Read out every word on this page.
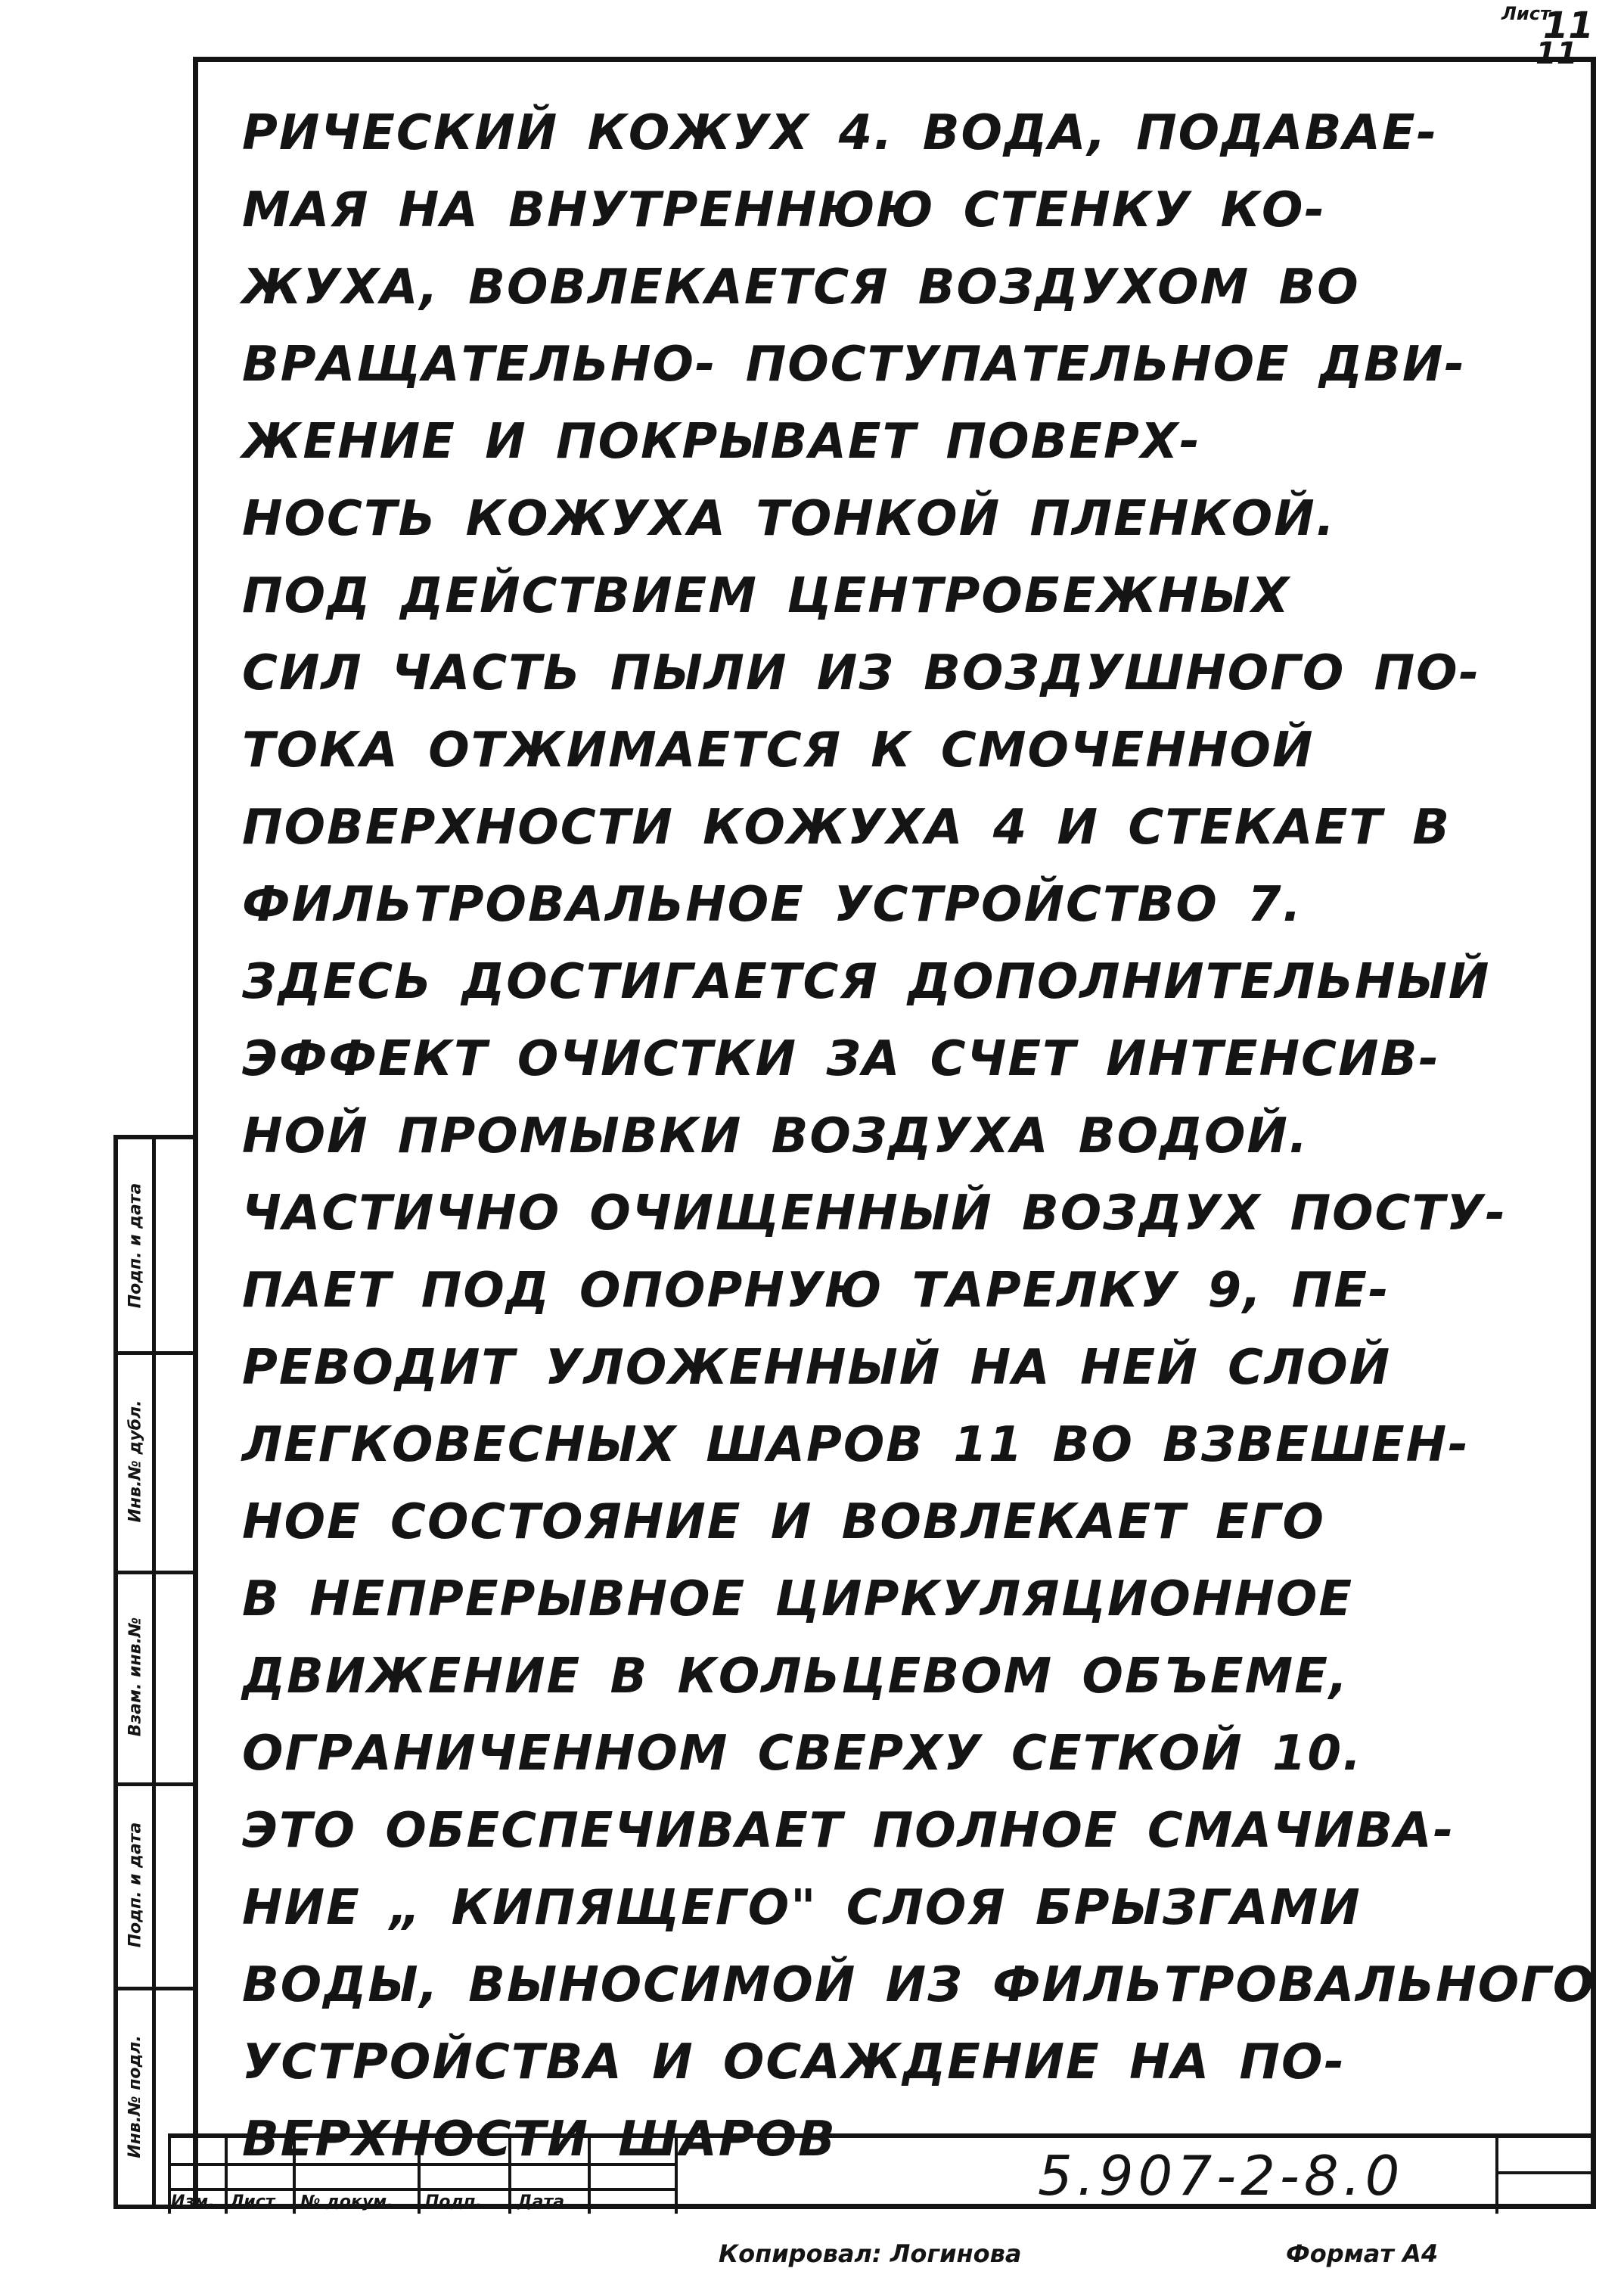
11
РИЧЕСКИЙ КОЖУХ 4. ВОДА, ПОДАВАЕ-
МАЯ НА ВНУТРЕННЮЮ СТЕНКУ КО-
ЖУХА, ВОВЛЕКАЕТСЯ ВОЗДУХОМ ВО
ВРАЩАТЕЛЬНО- ПОСТУПАТЕЛЬНОЕ ДВИ-
ЖЕНИЕ И ПОКРЫВАЕТ ПОВЕРХ-
НОСТЬ КОЖУХА ТОНКОЙ ПЛЕНКОЙ.
ПОД ДЕЙСТВИЕМ ЦЕНТРОБЕЖНЫХ
СИЛ ЧАСТЬ ПЫЛИ ИЗ ВОЗДУШНОГО ПО-
ТОКА ОТЖИМАЕТСЯ К СМОЧЕННОЙ
ПОВЕРХНОСТИ КОЖУХА 4 И СТЕКАЕТ В
ФИЛЬТРОВАЛЬНОЕ УСТРОЙСТВО 7.
ЗДЕСЬ ДОСТИГАЕТСЯ ДОПОЛНИТЕЛЬНЫЙ
ЭФФЕКТ ОЧИСТКИ ЗА СЧЕТ ИНТЕНСИВ-
НОЙ ПРОМЫВКИ ВОЗДУХА ВОДОЙ.
ЧАСТИЧНО ОЧИЩЕННЫЙ ВОЗДУХ ПОСТУ-
ПАЕТ ПОД ОПОРНУЮ ТАРЕЛКУ 9, ПЕ-
РЕВОДИТ УЛОЖЕННЫЙ НА НЕЙ СЛОЙ
ЛЕГКОВЕСНЫХ ШАРОВ 11 ВО ВЗВЕШЕН-
НОЕ СОСТОЯНИЕ И ВОВЛЕКАЕТ ЕГО
В НЕПРЕРЫВНОЕ ЦИРКУЛЯЦИОННОЕ
ДВИЖЕНИЕ В КОЛЬЦЕВОМ ОБЪЕМЕ,
ОГРАНИЧЕННОМ СВЕРХУ СЕТКОЙ 10.
ЭТО ОБЕСПЕЧИВАЕТ ПОЛНОЕ СМАЧИВА-
НИЕ „ КИПЯЩЕГО" СЛОЯ БРЫЗГАМИ
ВОДЫ, ВЫНОСИМОЙ ИЗ ФИЛЬТРОВАЛЬНОГО
УСТРОЙСТВА И ОСАЖДЕНИЕ НА ПО-
ВЕРХНОСТИ ШАРОВ
Подп. и дата
Инв.№ дубл.
Взам. инв.№
Подп. и дата
Инв.№ подл.
Изм. Лист № докум. Подп. Дата	5.907-2-8.0
Лист
11
Копировал: Логинова	Формат А4
